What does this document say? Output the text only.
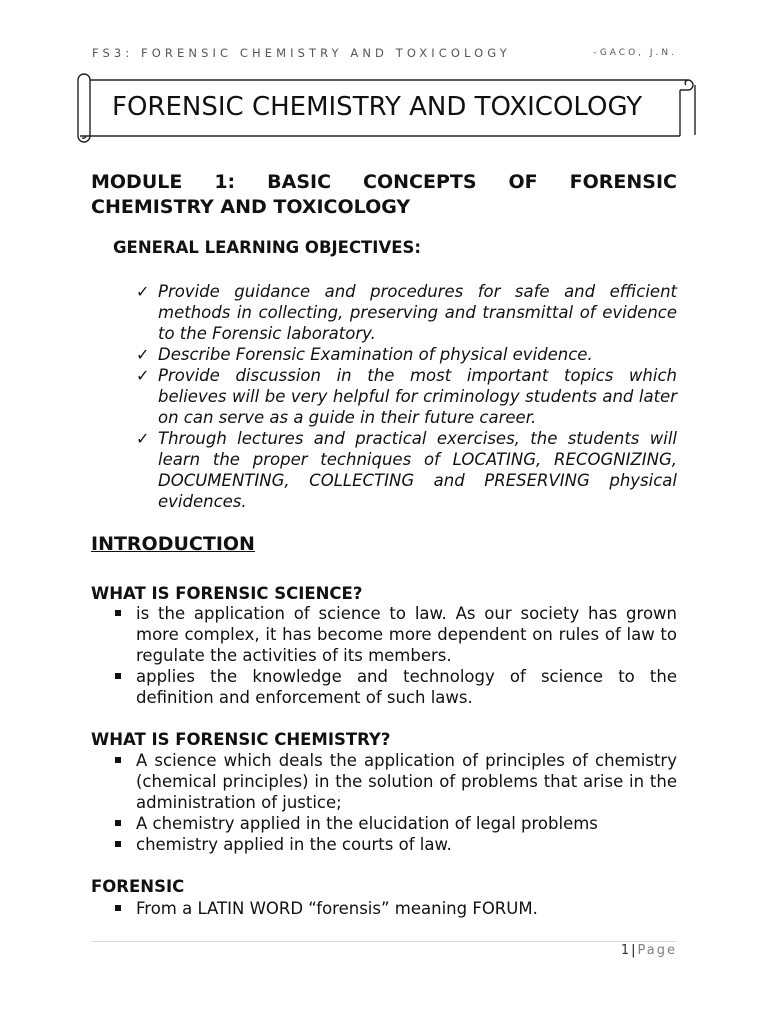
FS3: FORENSIC CHEMISTRY AND TOXICOLOGY	-GACO, J.N.
FORENSIC CHEMISTRY AND TOXICOLOGY
MODULE 1: BASIC CONCEPTS OF FORENSIC CHEMISTRY AND TOXICOLOGY
GENERAL LEARNING OBJECTIVES:
✓ Provide guidance and procedures for safe and efficient methods in collecting, preserving and transmittal of evidence to the Forensic laboratory.
✓ Describe Forensic Examination of physical evidence.
✓ Provide discussion in the most important topics which believes will be very helpful for criminology students and later on can serve as a guide in their future career.
✓ Through lectures and practical exercises, the students will learn the proper techniques of LOCATING, RECOGNIZING, DOCUMENTING, COLLECTING and PRESERVING physical evidences.
INTRODUCTION
WHAT IS FORENSIC SCIENCE?
is the application of science to law. As our society has grown more complex, it has become more dependent on rules of law to regulate the activities of its members.
applies the knowledge and technology of science to the definition and enforcement of such laws.
WHAT IS FORENSIC CHEMISTRY?
A science which deals the application of principles of chemistry (chemical principles) in the solution of problems that arise in the administration of justice;
A chemistry applied in the elucidation of legal problems
chemistry applied in the courts of law.
FORENSIC
From a LATIN WORD “forensis” meaning FORUM.
1 | Page
